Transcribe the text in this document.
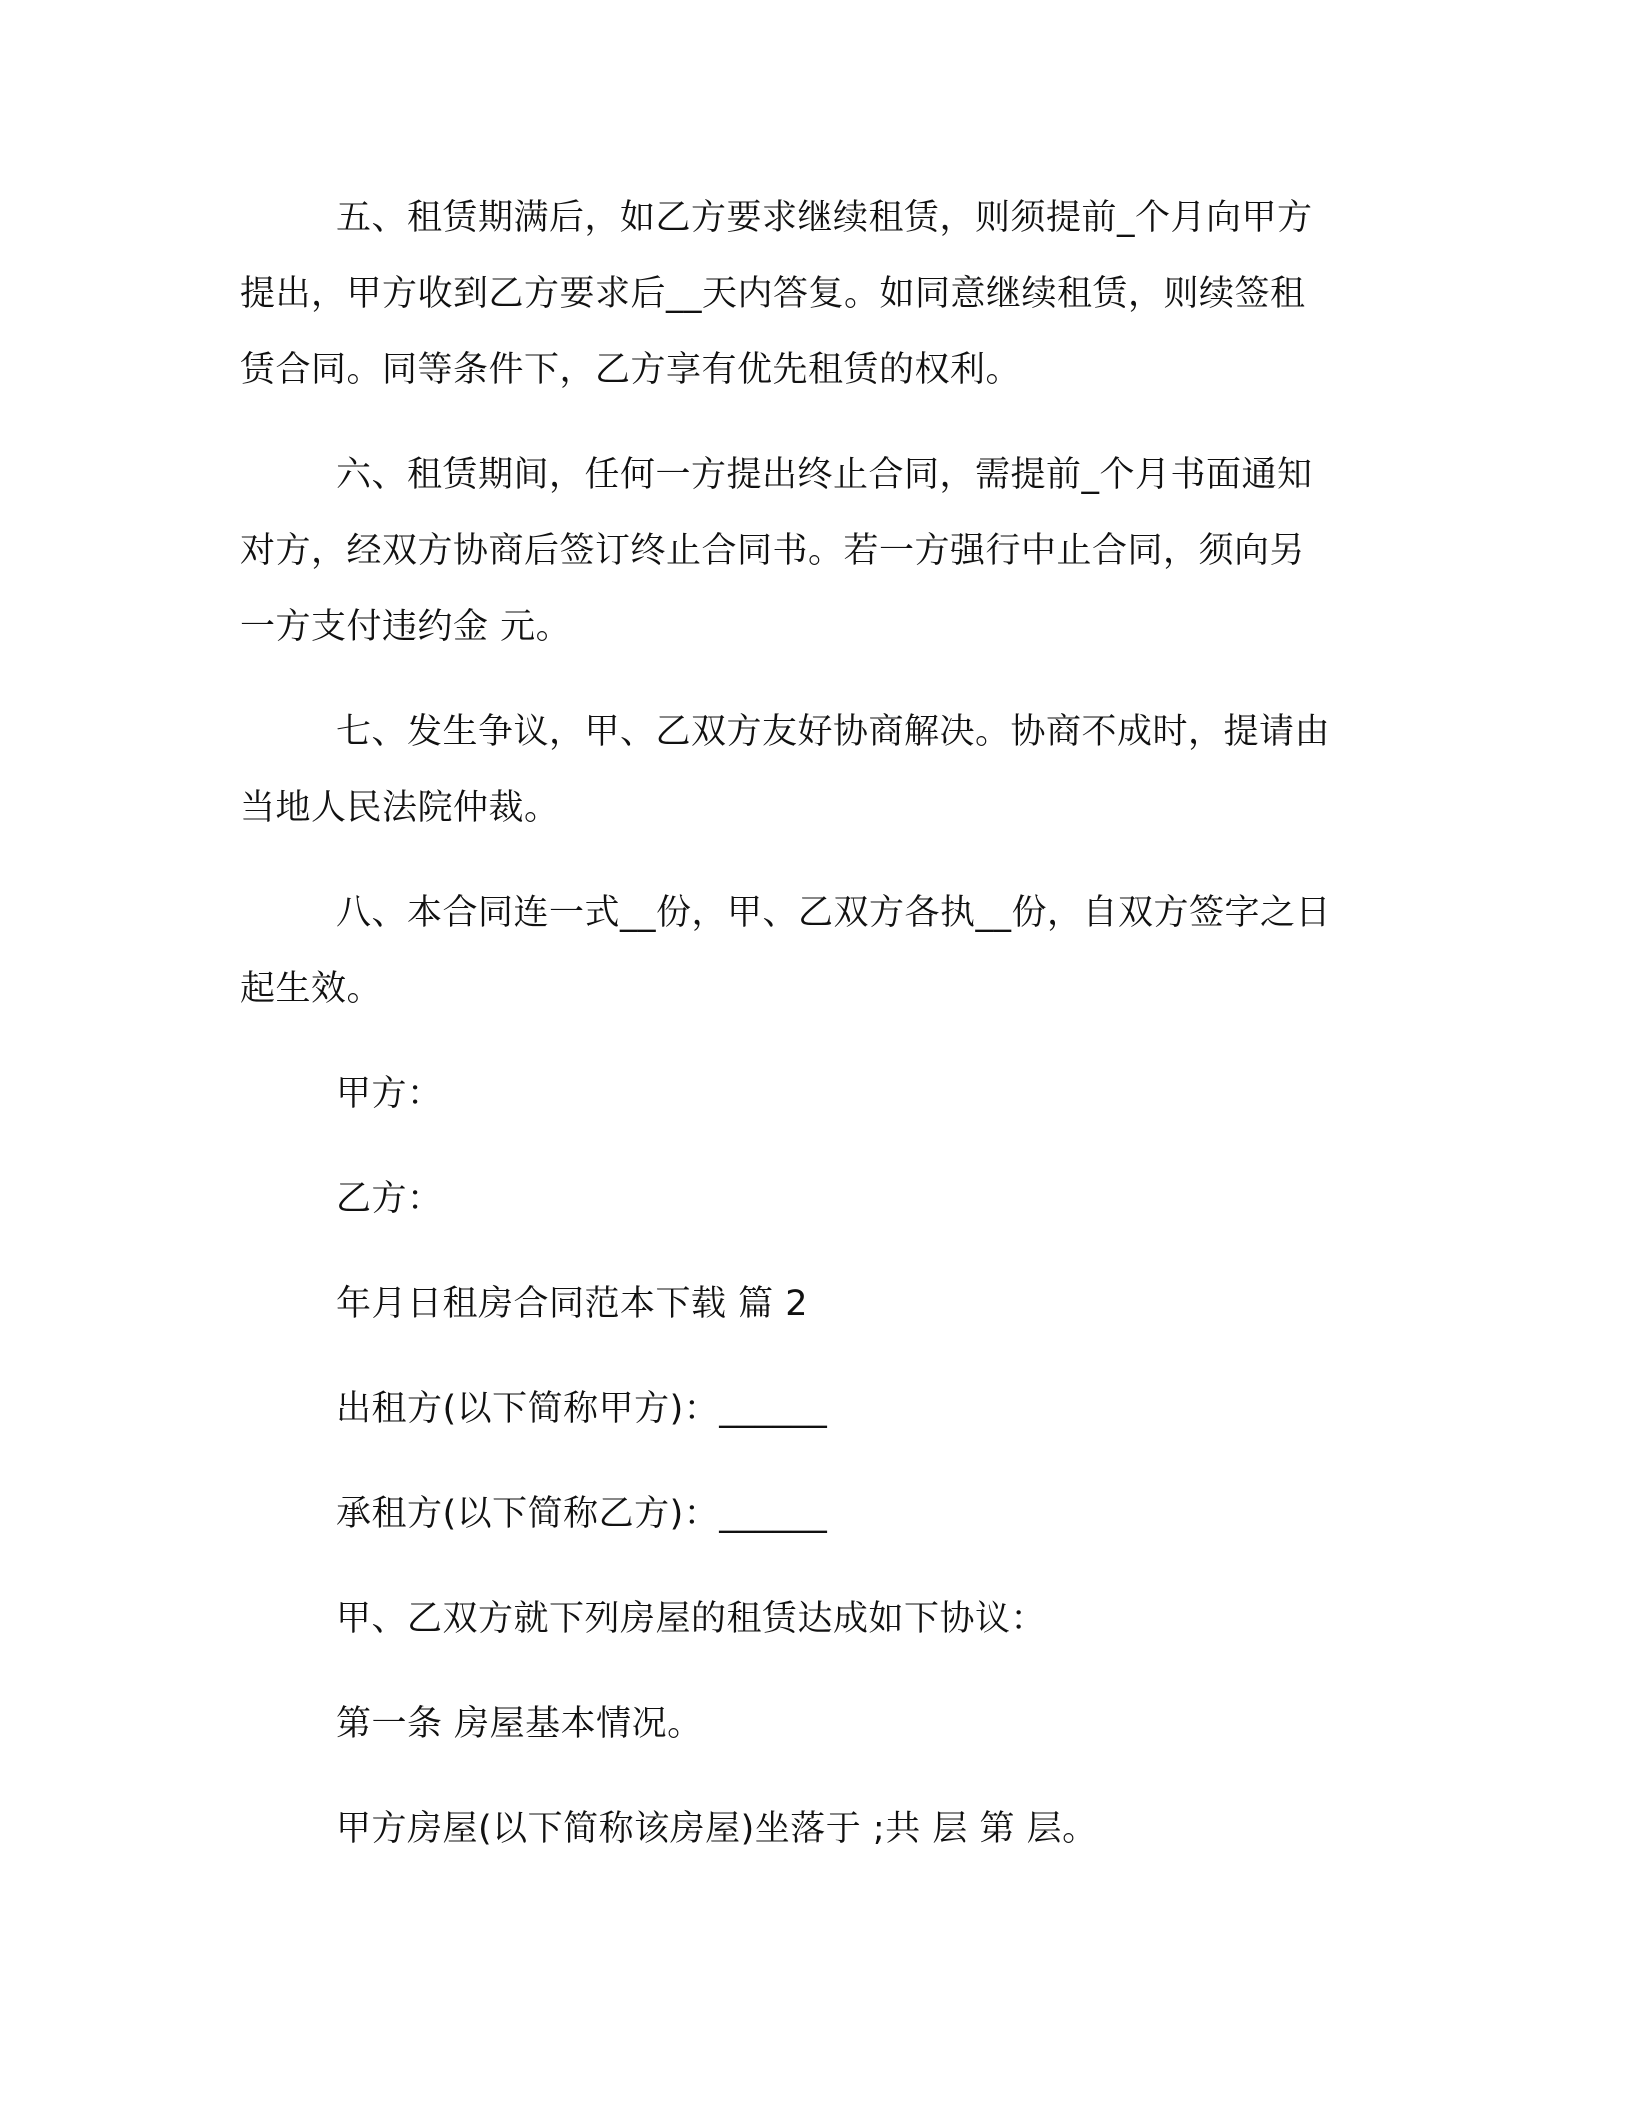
五、租赁期满后，如乙方要求继续租赁，则须提前_个月向甲方
提出，甲方收到乙方要求后__天内答复。如同意继续租赁，则续签租
赁合同。同等条件下，乙方享有优先租赁的权利。
六、租赁期间，任何一方提出终止合同，需提前_个月书面通知
对方，经双方协商后签订终止合同书。若一方强行中止合同，须向另
一方支付违约金 元。
七、发生争议，甲、乙双方友好协商解决。协商不成时，提请由
当地人民法院仲裁。
八、本合同连一式__份，甲、乙双方各执__份，自双方签字之日
起生效。
甲方：
乙方：
年月日租房合同范本下载 篇 2
出租方(以下简称甲方)：______
承租方(以下简称乙方)：______
甲、乙双方就下列房屋的租赁达成如下协议：
第一条 房屋基本情况。
甲方房屋(以下简称该房屋)坐落于 ;共 层 第 层。
